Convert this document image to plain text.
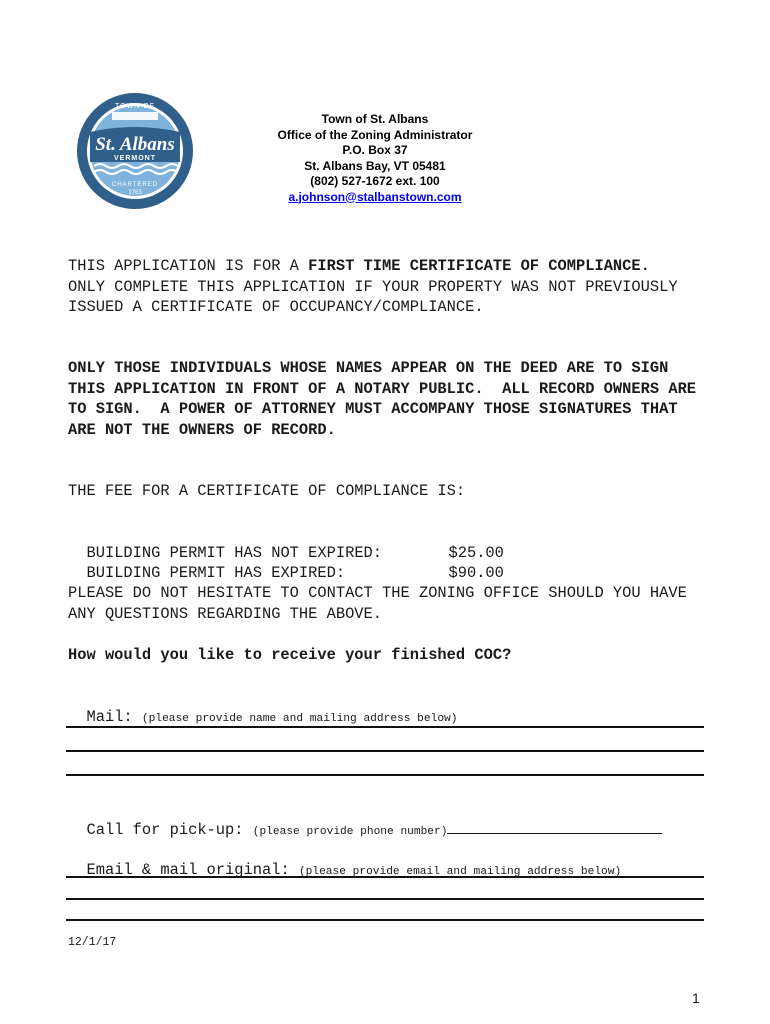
TOWN OF
St. Albans
VERMONT
CHARTERED
1763
Town of St. Albans
Office of the Zoning Administrator
P.O. Box 37
St. Albans Bay, VT 05481
(802) 527-1672 ext. 100
a.johnson@stalbanstown.com

THIS APPLICATION IS FOR A FIRST TIME CERTIFICATE OF COMPLIANCE.  ONLY COMPLETE THIS APPLICATION IF YOUR PROPERTY WAS NOT PREVIOUSLY ISSUED A CERTIFICATE OF OCCUPANCY/COMPLIANCE.

ONLY THOSE INDIVIDUALS WHOSE NAMES APPEAR ON THE DEED ARE TO SIGN THIS APPLICATION IN FRONT OF A NOTARY PUBLIC.  ALL RECORD OWNERS ARE TO SIGN.  A POWER OF ATTORNEY MUST ACCOMPANY THOSE SIGNATURES THAT ARE NOT THE OWNERS OF RECORD.

THE FEE FOR A CERTIFICATE OF COMPLIANCE IS:

BUILDING PERMIT HAS NOT EXPIRED:	$25.00

BUILDING PERMIT HAS EXPIRED:	$90.00

PLEASE DO NOT HESITATE TO CONTACT THE ZONING OFFICE SHOULD YOU HAVE ANY QUESTIONS REGARDING THE ABOVE.

How would you like to receive your finished COC?

Mail: (please provide name and mailing address below)

Call for pick-up: (please provide phone number)

Email & mail original: (please provide email and mailing address below)

12/1/17
1
